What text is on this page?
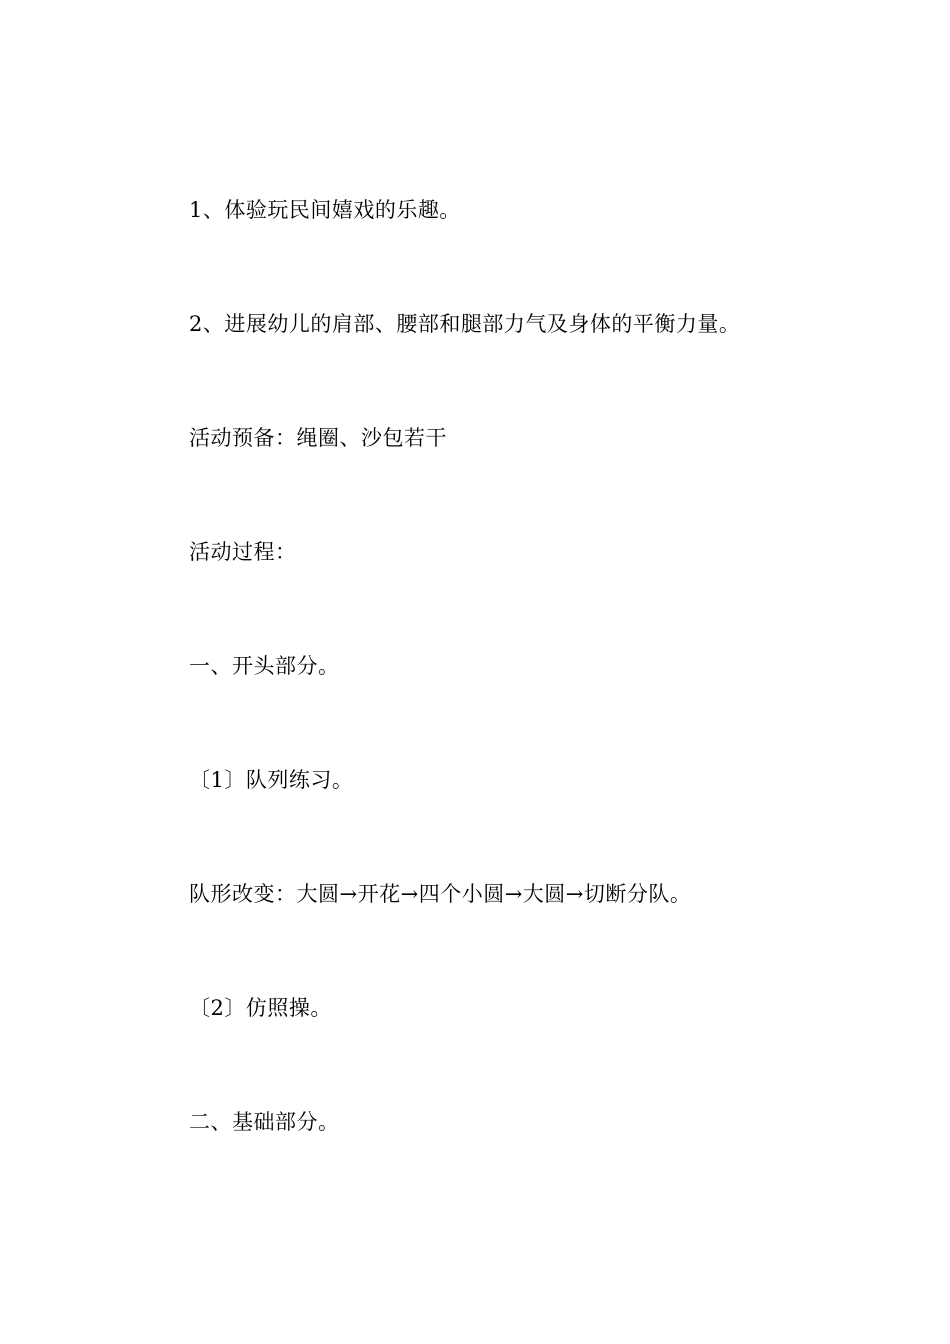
1、体验玩民间嬉戏的乐趣。
2、进展幼儿的肩部、腰部和腿部力气及身体的平衡力量。
活动预备：绳圈、沙包若干
活动过程：
一、开头部分。
〔1〕队列练习。
队形改变：大圆→开花→四个小圆→大圆→切断分队。
〔2〕仿照操。
二、基础部分。
